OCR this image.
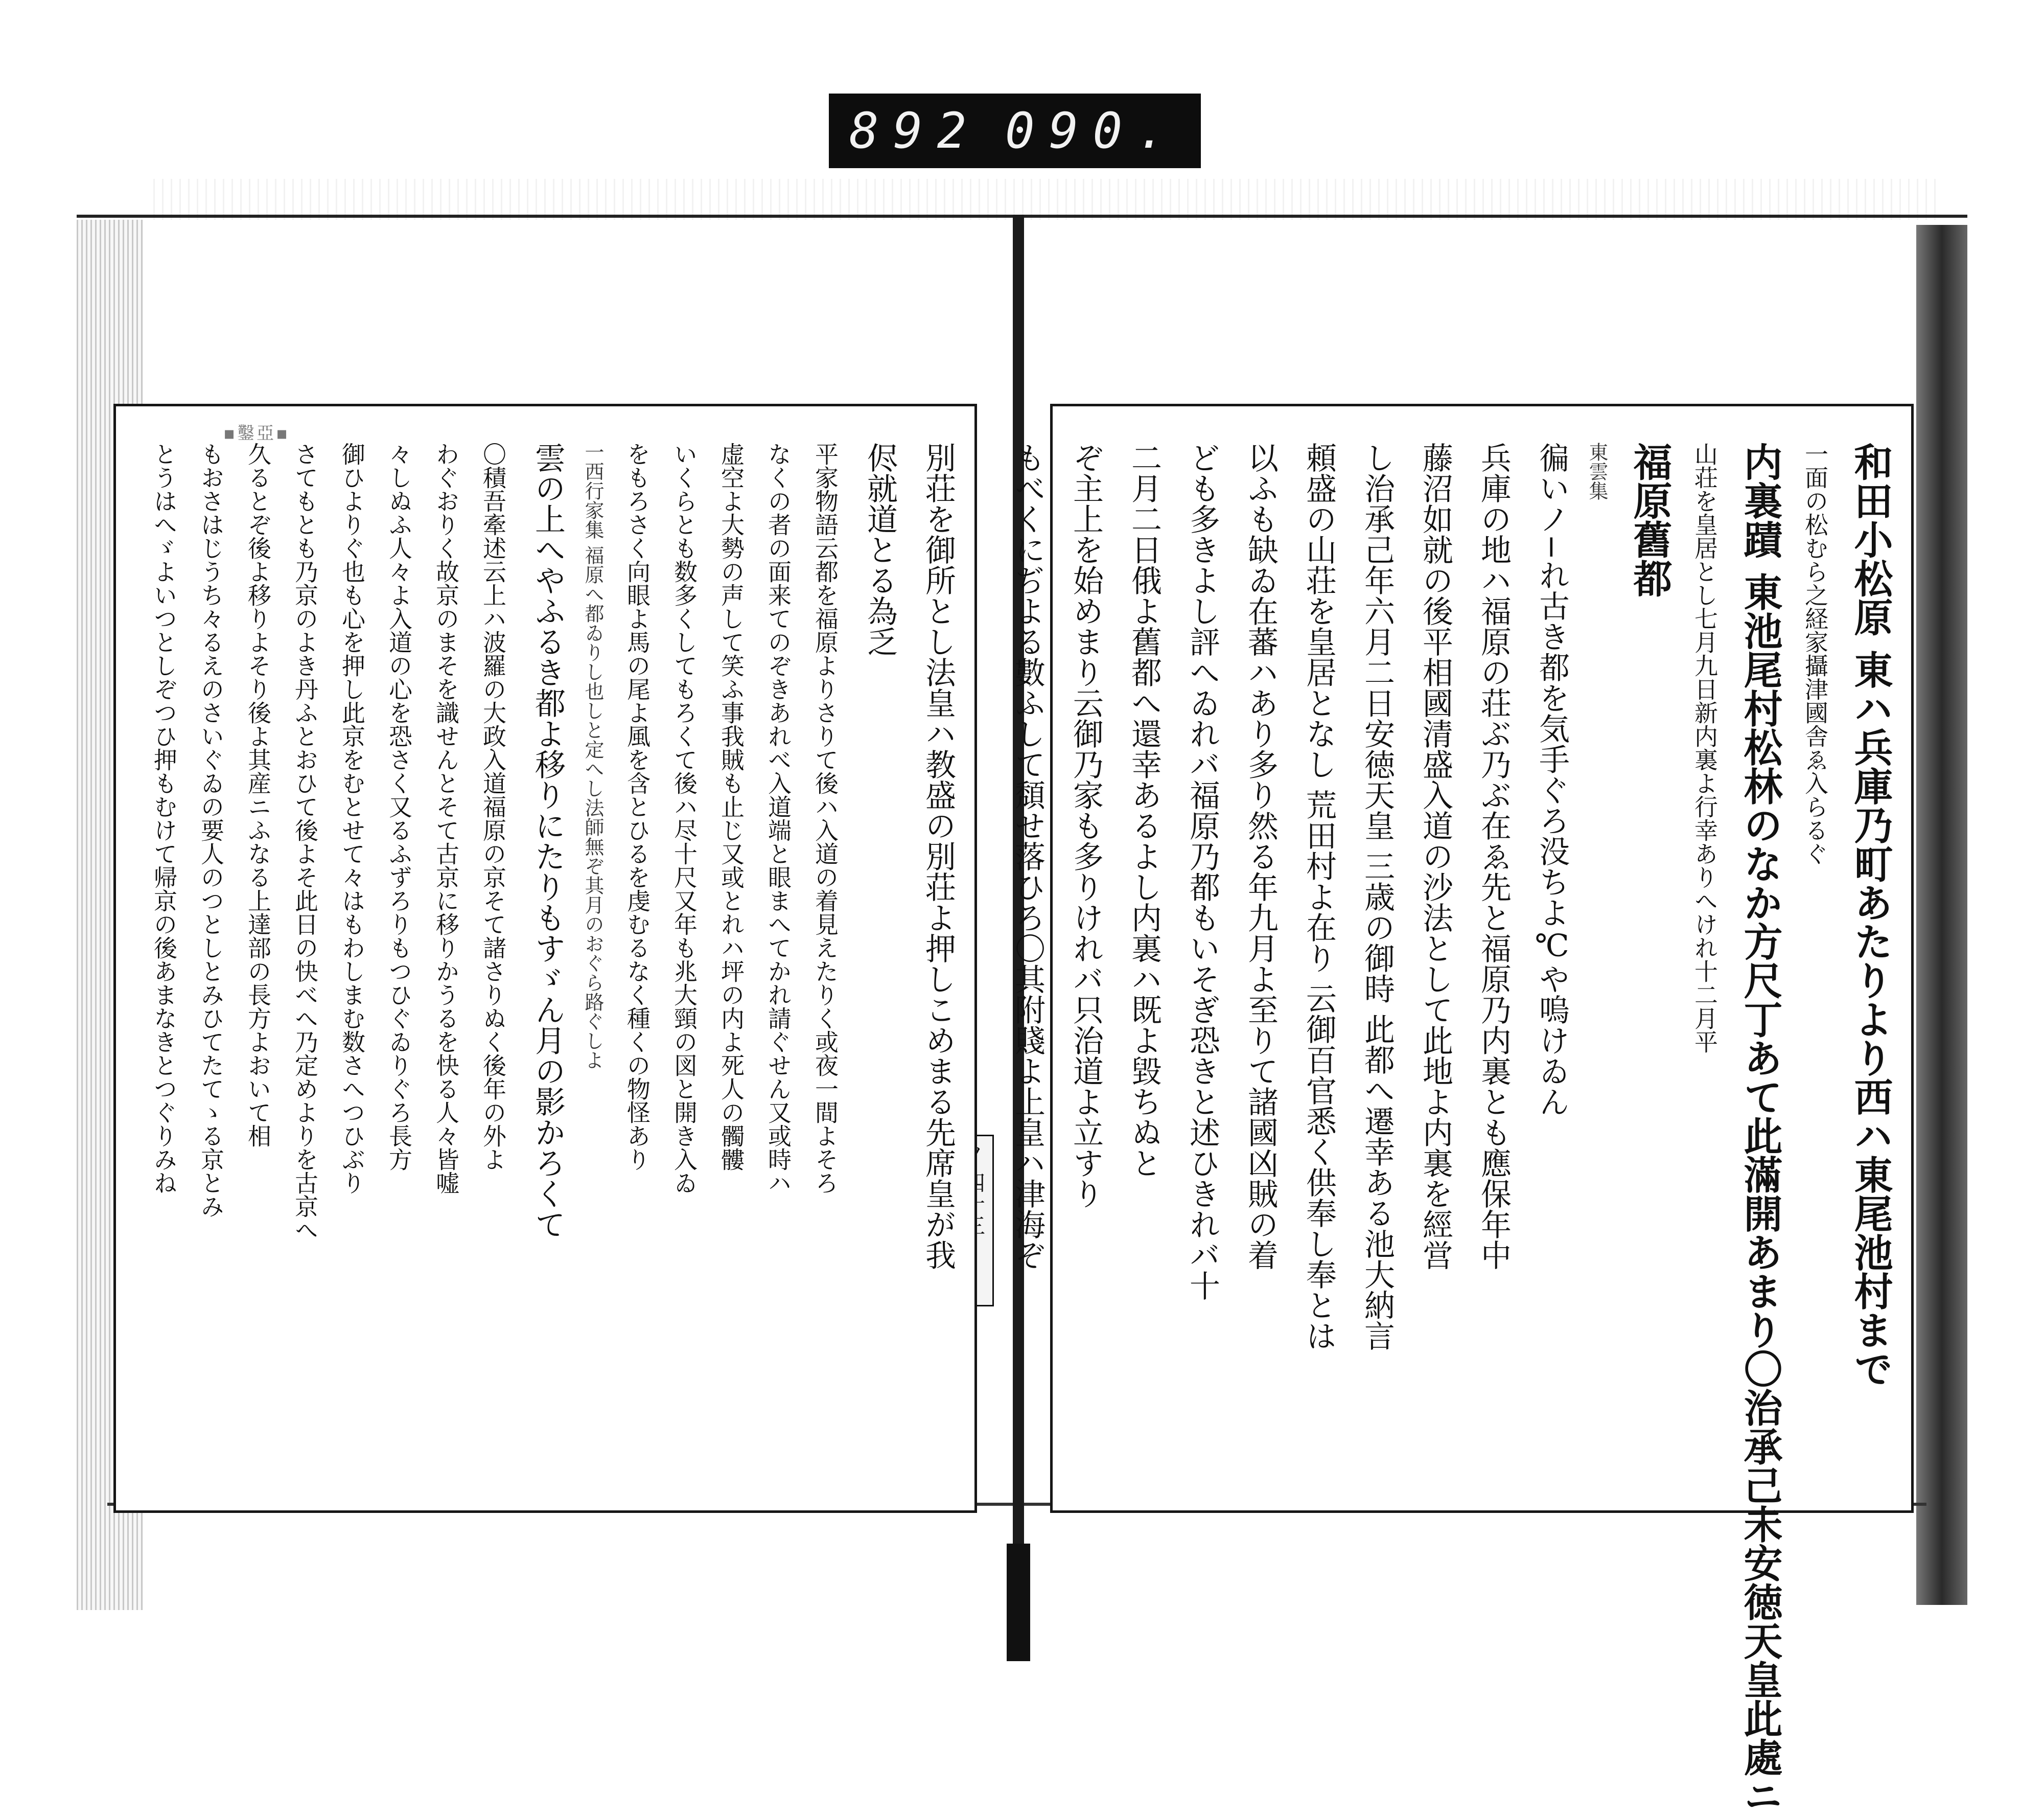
892 090.
▪鑿亞▪
別荘を御所とし法皇ハ教盛の別荘よ押しこめまる先席皇が我
侭就道とる為乏
平家物語云都を福原よりさりて後ハ入道の着見えたりく或夜一間よそろ
なくの者の面来てのぞきあれべ入道端と眼まへてかれ請ぐせん又或時ハ
虚空よ大勢の声して笑ふ事我賊も止じ又或とれハ坪の内よ死人の髑髏
いくらとも数多くしてもろくて後ハ尽十尺又年も兆大頸の図と開き入ゐ
をもろさく向眼よ馬の尾よ風を含とひるを虔むるなく種くの物怪あり
一西行家集 福原へ都ゐりし也しと定へし法師無ぞ其月のおぐら路ぐしよ
雲の上へやふるき都よ移りにたりもすゞん月の影かろくて
〇積吾牽述云上ハ波羅の大政入道福原の京そて諸さりぬく後年の外よ
わぐおりく故京のまそを識せんとそて古京に移りかうるを快る人々皆嘘
々しぬふ人々よ入道の心を恐さく又るふずろりもつひぐゐりぐろ長方
御ひよりぐ也も心を押し此京をむとせて々はもわしまむ数さへつひぶり
さてもとも乃京のよき丹ふとおひて後よそ此日の快べへ乃定めよりを古京へ
久るとぞ後よ移りよそり後よ其産ニふなる上達部の長方よおいて相
もおさはじうち々るえのさいぐゐの要人のつとしとみひてたてゝる京とみ
とうはへゞよいつとしぞつひ押もむけて帰京の後あまなきとつぐりみね	和田小松原 東ハ兵庫乃町あたりより西ハ東尾池村まで
一面の松むら之経家攝津國舎ゑ入らるぐ
内裏蹟 東池尾村松林のなか方尺丁あて此滿開あまり〇治承己未安徳天皇此處ニ
山荘を皇居とし七月九日新内裏よ行幸ありへけれ十二月平
福原舊都
東雲集
徧いノ−れ古き都を気手ぐろ没ちよ℃や嗚けゐん
兵庫の地ハ福原の荘ぶ乃ぶ在ゑ先と福原乃内裏とも應保年中
藤沼如就の後平相國清盛入道の沙法として此地よ内裏を經営
し治承己年六月二日安徳天皇 三歳の御時 此都へ遷幸ある池大納言
頼盛の山荘を皇居となし 荒田村よ在り 云御百官悉く供奉し奉とは
以ふも缺ゐ在蕃ハあり多り然る年九月よ至りて諸國凶賊の着
ども多きよし評へゐれバ福原乃都もいそぎ恐きと述ひきれバ十
二月二日俄よ舊都へ還幸あるよし内裏ハ既よ毀ちぬと
ぞ主上を始めまり云御乃家も多りけれバ只治道よ立すり
もべくにぢよる數ふして頽せ落ひろ〇其附賤よ上皇ハ津海ぞ
